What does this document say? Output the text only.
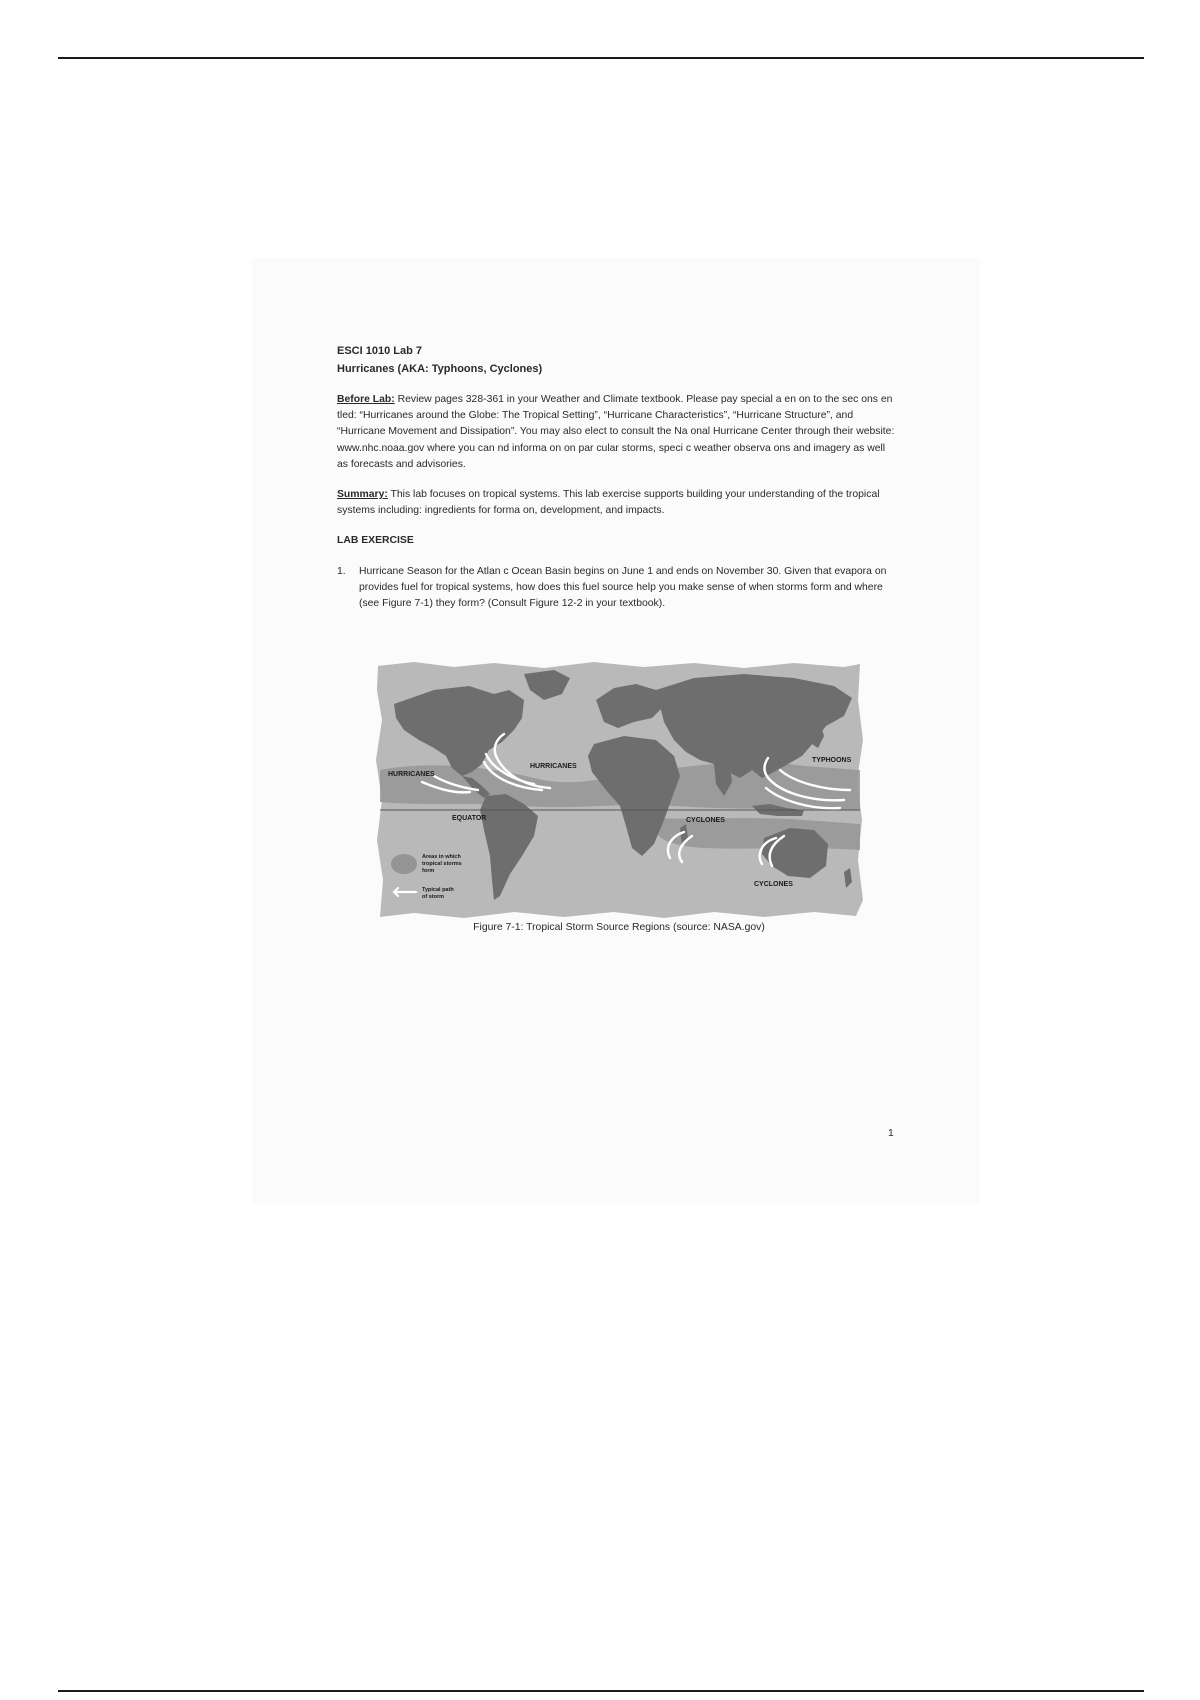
ESCI 1010 Lab 7
Hurricanes (AKA: Typhoons, Cyclones)
Before Lab: Review pages 328-361 in your Weather and Climate textbook. Please pay special a en on to the sec ons en tled: “Hurricanes around the Globe: The Tropical Setting”, “Hurricane Characteristics”, “Hurricane Structure”, and “Hurricane Movement and Dissipation”. You may also elect to consult the Na onal Hurricane Center through their website: www.nhc.noaa.gov where you can nd informa on on par cular storms, speci c weather observa ons and imagery as well as forecasts and advisories.
Summary: This lab focuses on tropical systems. This lab exercise supports building your understanding of the tropical systems including: ingredients for forma on, development, and impacts.
LAB EXERCISE
1.	Hurricane Season for the Atlan c Ocean Basin begins on June 1 and ends on November 30. Given that evapora on provides fuel for tropical systems, how does this fuel source help you make sense of when storms form and where (see Figure 7-1) they form? (Consult Figure 12-2 in your textbook).
HURRICANES
HURRICANES
TYPHOONS
EQUATOR	CYCLONES
CYCLONES
Areas in which
tropical storms
form
Typical path
of storm
Figure 7-1: Tropical Storm Source Regions (source: NASA.gov)
1
